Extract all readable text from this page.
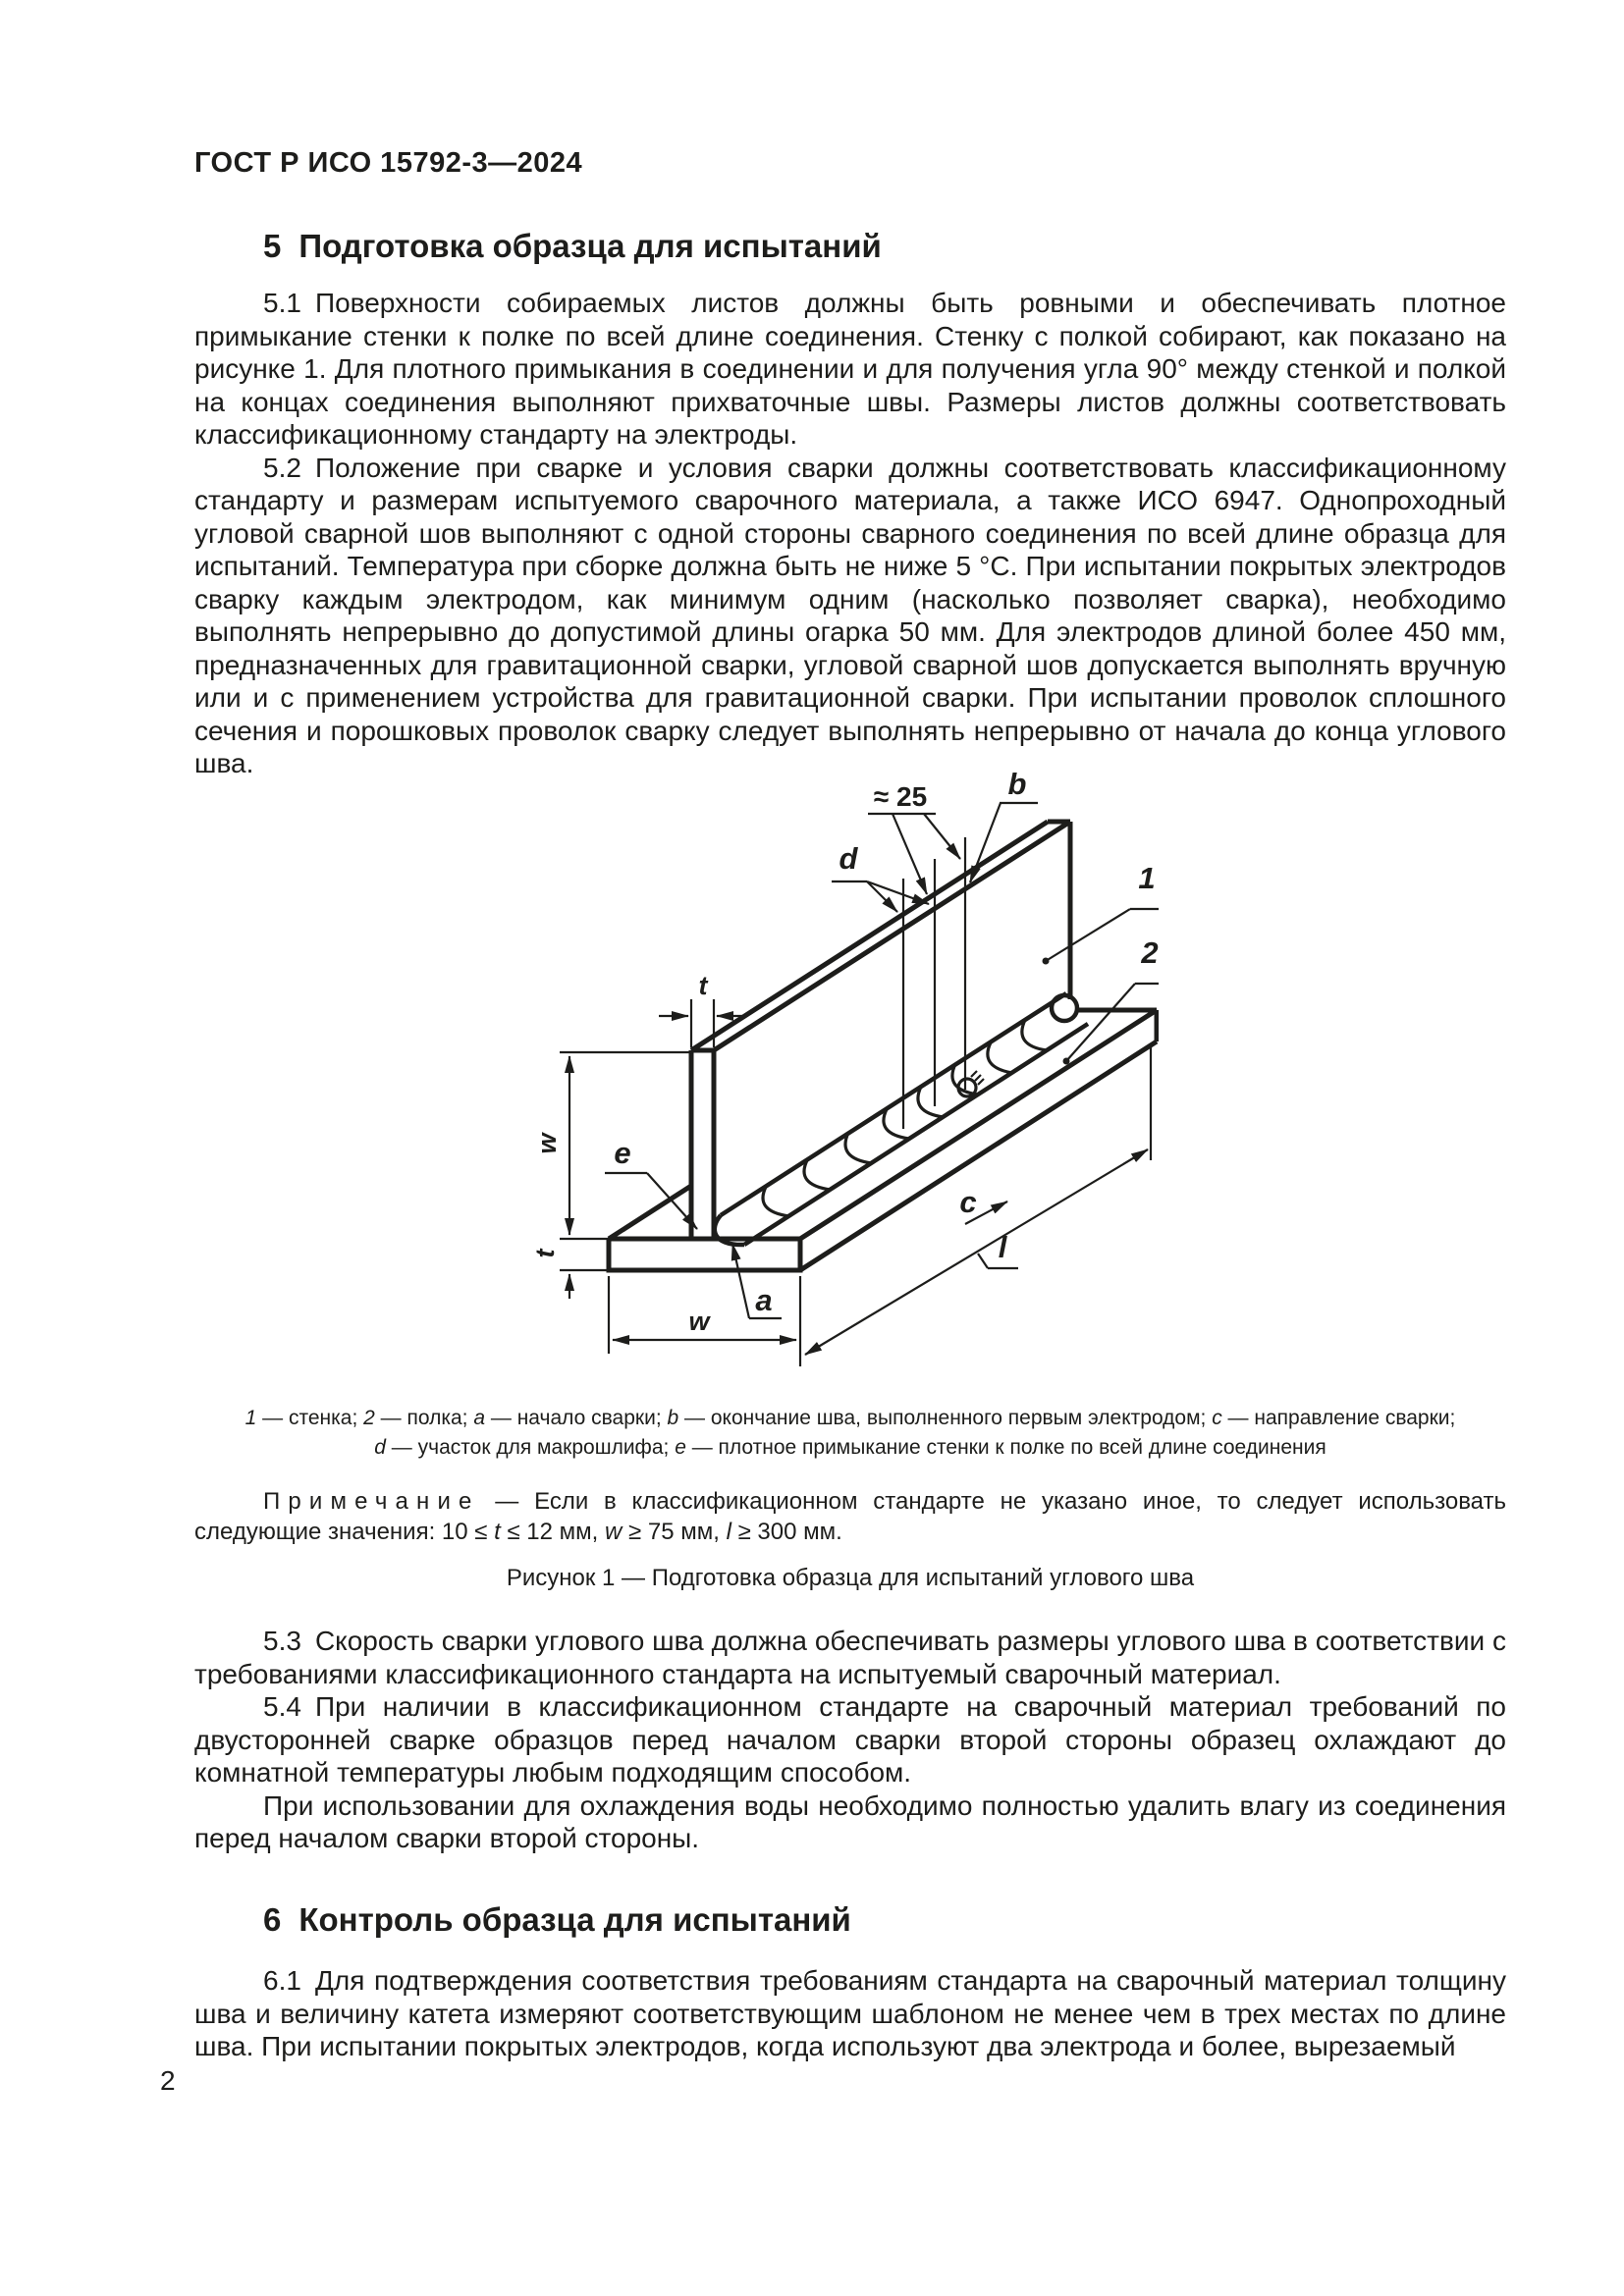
ГОСТ Р ИСО 15792-3—2024
5 Подготовка образца для испытаний

5.1 Поверхности собираемых листов должны быть ровными и обеспечивать плотное примыкание стенки к полке по всей длине соединения. Стенку с полкой собирают, как показано на рисунке 1. Для плотного примыкания в соединении и для получения угла 90° между стенкой и полкой на концах соединения выполняют прихваточные швы. Размеры листов должны соответствовать классификационному стандарту на электроды.

5.2 Положение при сварке и условия сварки должны соответствовать классификационному стандарту и размерам испытуемого сварочного материала, а также ИСО 6947. Однопроходный угловой сварной шов выполняют с одной стороны сварного соединения по всей длине образца для испытаний. Температура при сборке должна быть не ниже 5 °С. При испытании покрытых электродов сварку каждым электродом, как минимум одним (насколько позволяет сварка), необходимо выполнять непрерывно до допустимой длины огарка 50 мм. Для электродов длиной более 450 мм, предназначенных для гравитационной сварки, угловой сварной шов допускается выполнять вручную или и с применением устройства для гравитационной сварки. При испытании проволок сплошного сечения и порошковых проволок сварку следует выполнять непрерывно от начала до конца углового шва.

≈ 25	b
d
1
2
e
a
c
l
w
w
t
t
1 — стенка; 2 — полка; a — начало сварки; b — окончание шва, выполненного первым электродом; c — направление сварки;
d — участок для макрошлифа; e — плотное примыкание стенки к полке по всей длине соединения

Примечание — Если в классификационном стандарте не указано иное, то следует использовать следующие значения: 10 ≤ t ≤ 12 мм, w ≥ 75 мм, l ≥ 300 мм.

Рисунок 1 — Подготовка образца для испытаний углового шва

5.3 Скорость сварки углового шва должна обеспечивать размеры углового шва в соответствии с требованиями классификационного стандарта на испытуемый сварочный материал.

5.4 При наличии в классификационном стандарте на сварочный материал требований по двусторонней сварке образцов перед началом сварки второй стороны образец охлаждают до комнатной температуры любым подходящим способом.

При использовании для охлаждения воды необходимо полностью удалить влагу из соединения перед началом сварки второй стороны.

6 Контроль образца для испытаний

6.1 Для подтверждения соответствия требованиям стандарта на сварочный материал толщину шва и величину катета измеряют соответствующим шаблоном не менее чем в трех местах по длине шва. При испытании покрытых электродов, когда используют два электрода и более, вырезаемый

2
